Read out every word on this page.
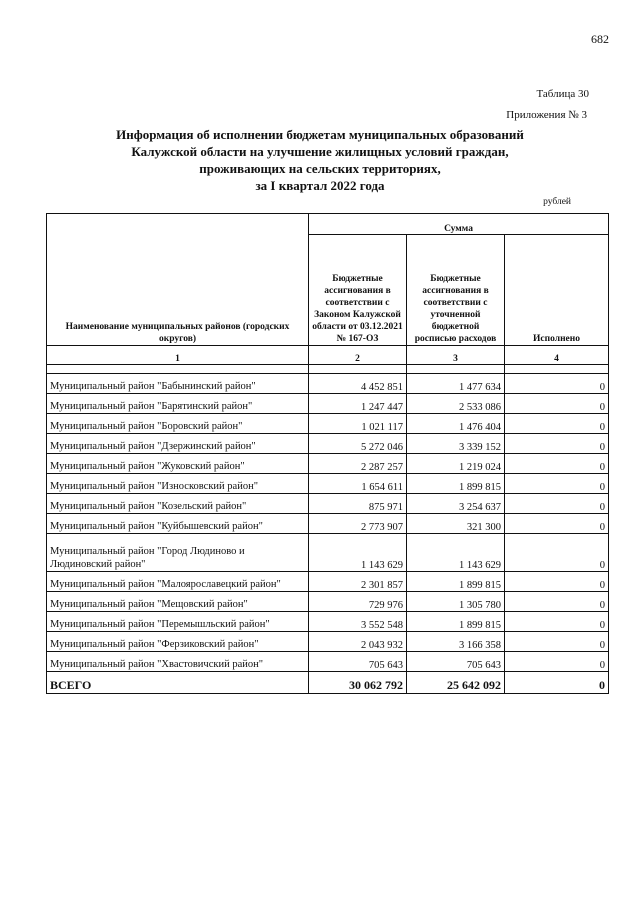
682
Таблица 30
Приложения № 3
Информация об исполнении бюджетам муниципальных образований
Калужской области на улучшение жилищных условий граждан,
проживающих на сельских территориях,
за I квартал 2022 года
рублей
Наименование муниципальных районов (городских округов)	Сумма		
	Бюджетные ассигнования в соответствии с Законом Калужской области от 03.12.2021 № 167-ОЗ	Бюджетные ассигнования в соответствии с уточненной бюджетной росписью расходов	Исполнено
1	2	3	4

Муниципальный район "Бабынинский район"	4 452 851	1 477 634	0
Муниципальный район "Барятинский район"	1 247 447	2 533 086	0
Муниципальный район "Боровский район"	1 021 117	1 476 404	0
Муниципальный район "Дзержинский район"	5 272 046	3 339 152	0
Муниципальный район "Жуковский район"	2 287 257	1 219 024	0
Муниципальный район "Износковский район"	1 654 611	1 899 815	0
Муниципальный район "Козельский район"	875 971	3 254 637	0
Муниципальный район "Куйбышевский район"	2 773 907	321 300	0
Муниципальный район "Город Людиново и Людиновский район"	1 143 629	1 143 629	0
Муниципальный район "Малоярославецкий район"	2 301 857	1 899 815	0
Муниципальный район "Мещовский район"	729 976	1 305 780	0
Муниципальный район "Перемышльский район"	3 552 548	1 899 815	0
Муниципальный район "Ферзиковский район"	2 043 932	3 166 358	0
Муниципальный район "Хвастовичский район"	705 643	705 643	0
ВСЕГО	30 062 792	25 642 092	0
